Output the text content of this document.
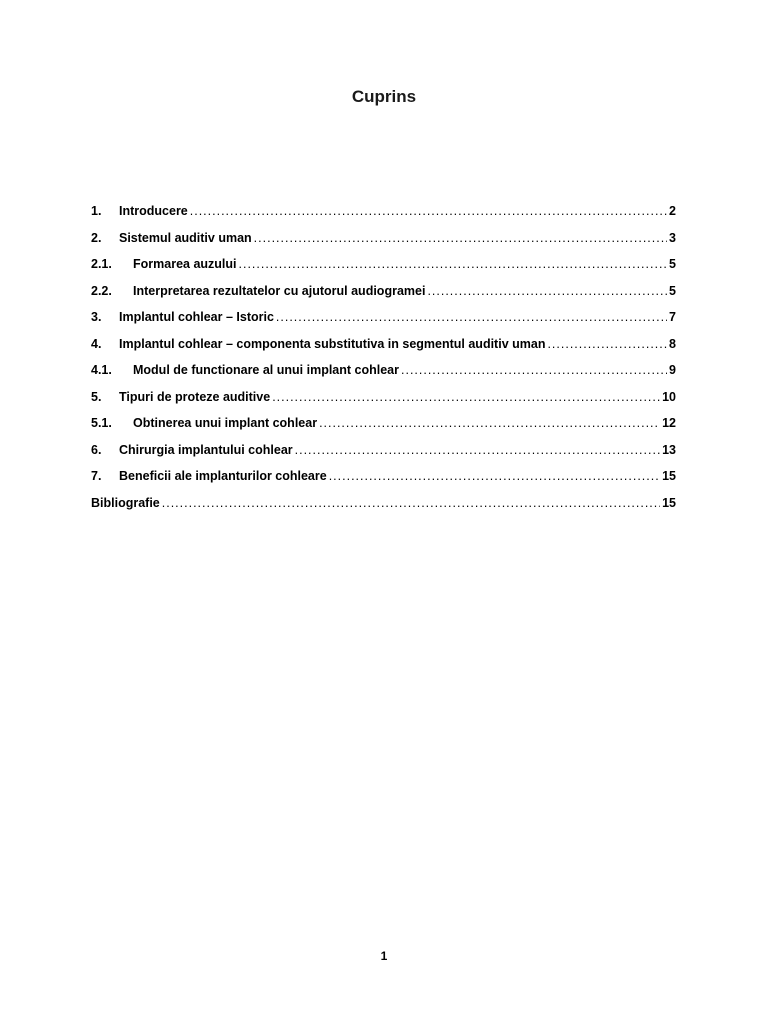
Cuprins
1.	Introducere .....	2
2.	Sistemul auditiv uman .....	3
2.1.	Formarea auzului .....	5
2.2.	Interpretarea rezultatelor cu ajutorul audiogramei .....	5
3.	Implantul cohlear – Istoric .....	7
4.	Implantul cohlear – componenta substitutiva in segmentul auditiv uman .....	8
4.1.	Modul de functionare al unui implant cohlear .....	9
5.	Tipuri de proteze auditive .....	10
5.1.	Obtinerea unui implant cohlear .....	12
6.	Chirurgia implantului cohlear .....	13
7.	Beneficii ale implanturilor cohleare .....	15
Bibliografie .....	15
1
